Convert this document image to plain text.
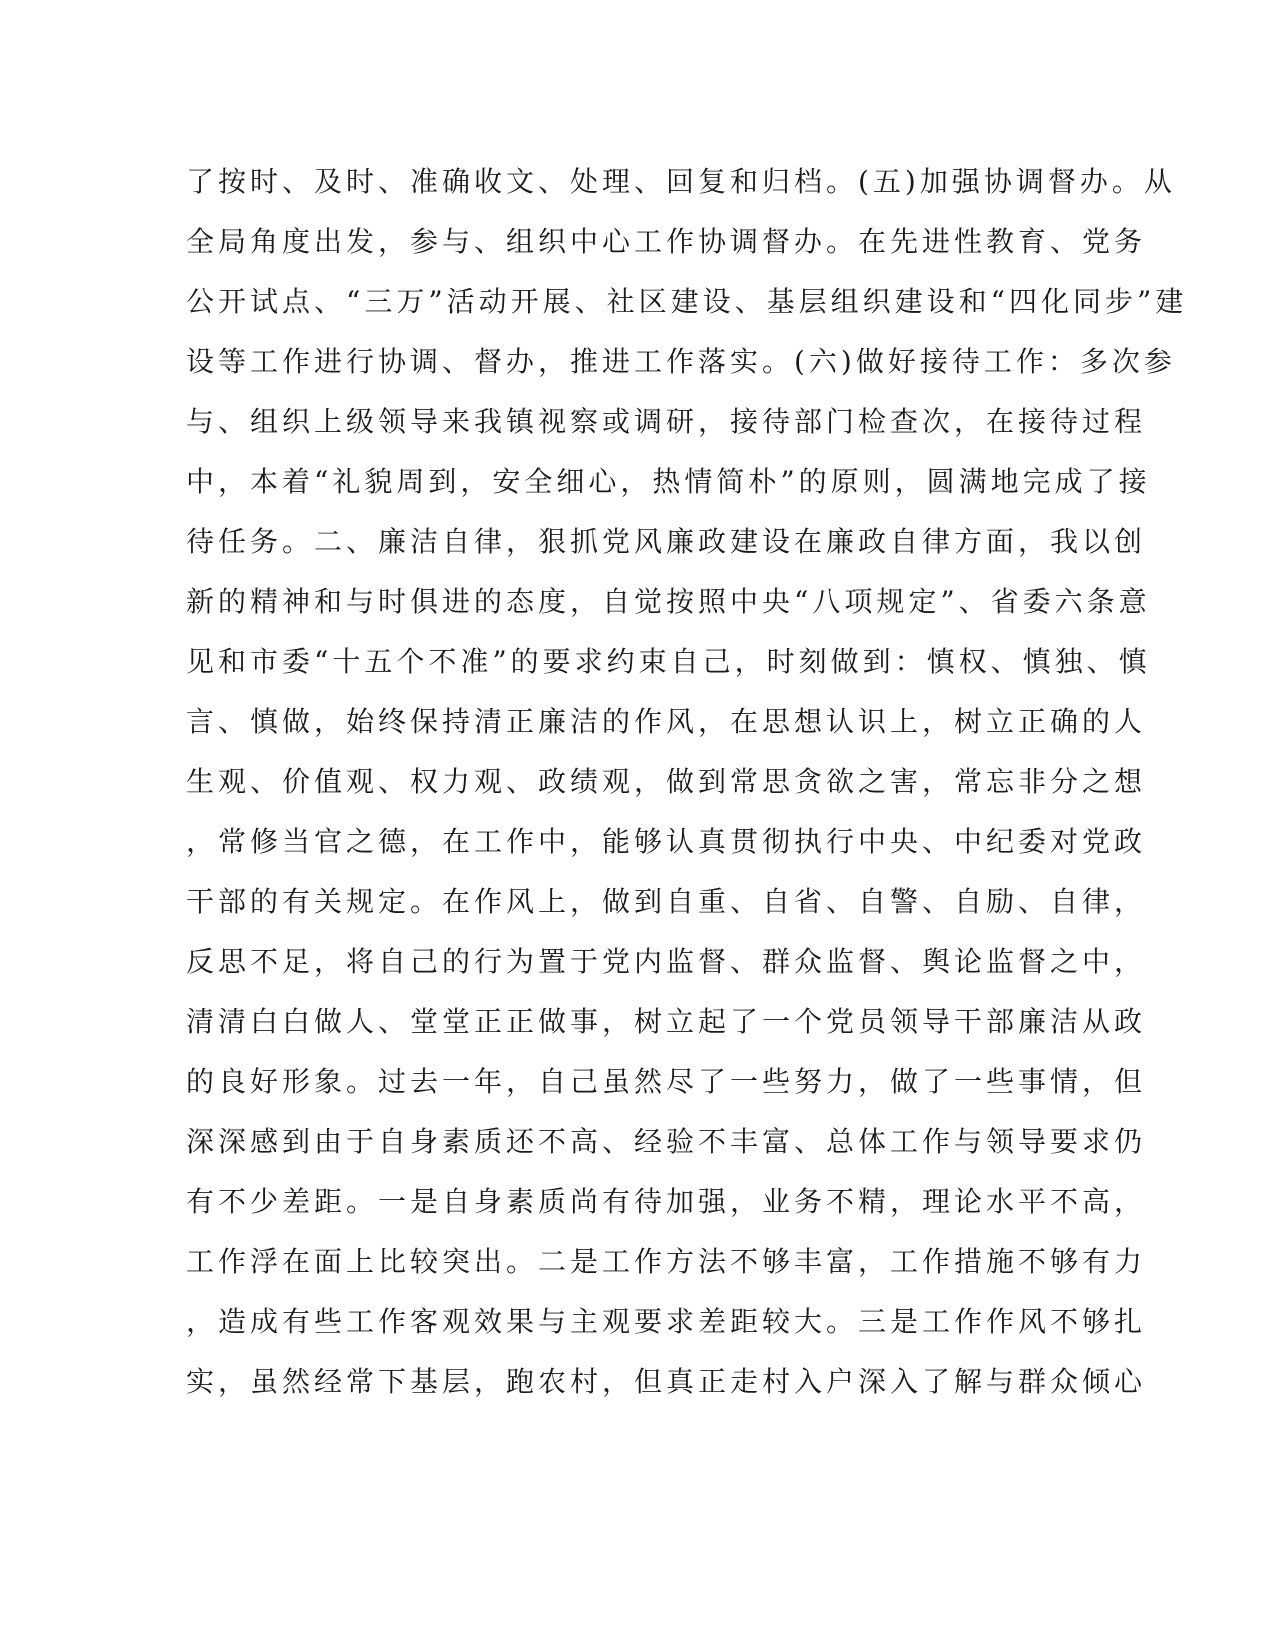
了按时、及时、准确收文、处理、回复和归档。(五)加强协调督办。从
全局角度出发，参与、组织中心工作协调督办。在先进性教育、党务
公开试点、“三万”活动开展、社区建设、基层组织建设和“四化同步”建
设等工作进行协调、督办，推进工作落实。(六)做好接待工作：多次参
与、组织上级领导来我镇视察或调研，接待部门检查次，在接待过程
中，本着“礼貌周到，安全细心，热情简朴”的原则，圆满地完成了接
待任务。二、廉洁自律，狠抓党风廉政建设在廉政自律方面，我以创
新的精神和与时俱进的态度，自觉按照中央“八项规定”、省委六条意
见和市委“十五个不准”的要求约束自己，时刻做到：慎权、慎独、慎
言、慎做，始终保持清正廉洁的作风，在思想认识上，树立正确的人
生观、价值观、权力观、政绩观，做到常思贪欲之害，常忘非分之想
，常修当官之德，在工作中，能够认真贯彻执行中央、中纪委对党政
干部的有关规定。在作风上，做到自重、自省、自警、自励、自律，
反思不足，将自己的行为置于党内监督、群众监督、舆论监督之中，
清清白白做人、堂堂正正做事，树立起了一个党员领导干部廉洁从政
的良好形象。过去一年，自己虽然尽了一些努力，做了一些事情，但
深深感到由于自身素质还不高、经验不丰富、总体工作与领导要求仍
有不少差距。一是自身素质尚有待加强，业务不精，理论水平不高，
工作浮在面上比较突出。二是工作方法不够丰富，工作措施不够有力
，造成有些工作客观效果与主观要求差距较大。三是工作作风不够扎
实，虽然经常下基层，跑农村，但真正走村入户深入了解与群众倾心
